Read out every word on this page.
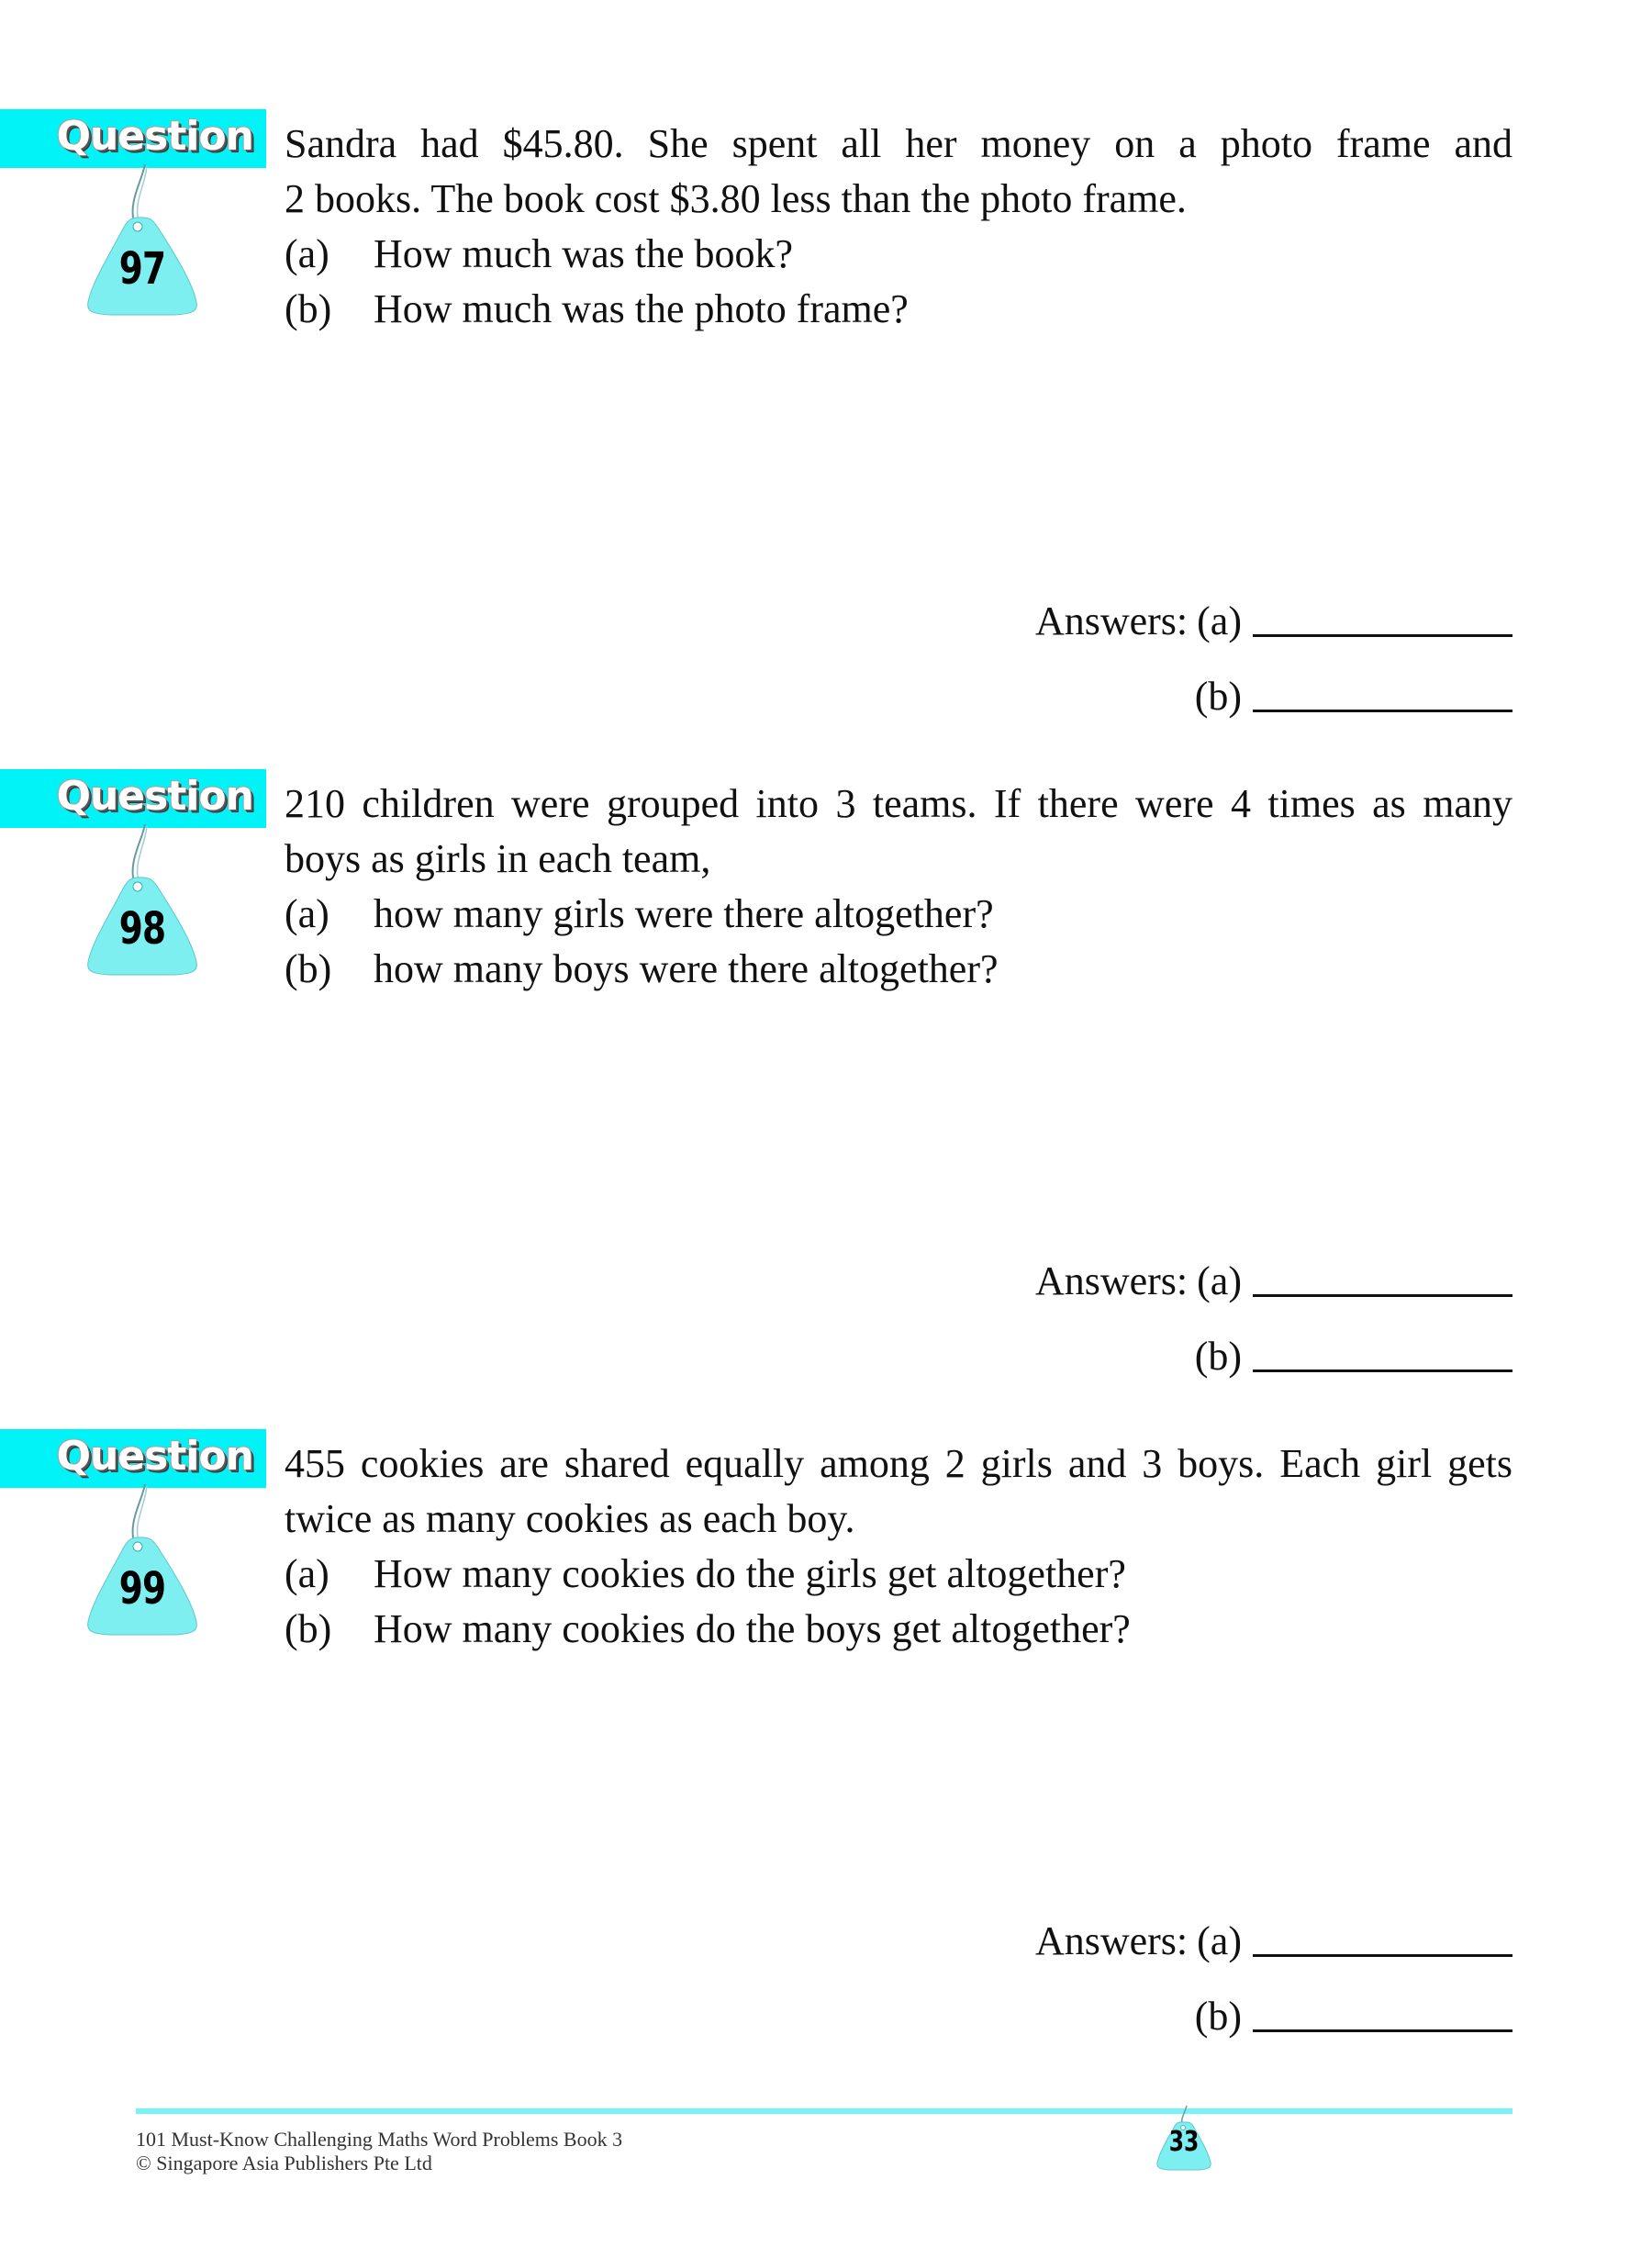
Question
97
Sandra had $45.80. She spent all her money on a photo frame and
2 books. The book cost $3.80 less than the photo frame.
(a)	How much was the book?
(b)	How much was the photo frame?
Answers: (a)
(b)
Question
98
210 children were grouped into 3 teams. If there were 4 times as many
boys as girls in each team,
(a)	how many girls were there altogether?
(b)	how many boys were there altogether?
Answers: (a)
(b)
Question
99
455 cookies are shared equally among 2 girls and 3 boys. Each girl gets
twice as many cookies as each boy.
(a)	How many cookies do the girls get altogether?
(b)	How many cookies do the boys get altogether?
Answers: (a)
(b)
101 Must-Know Challenging Maths Word Problems Book 3
© Singapore Asia Publishers Pte Ltd
33
